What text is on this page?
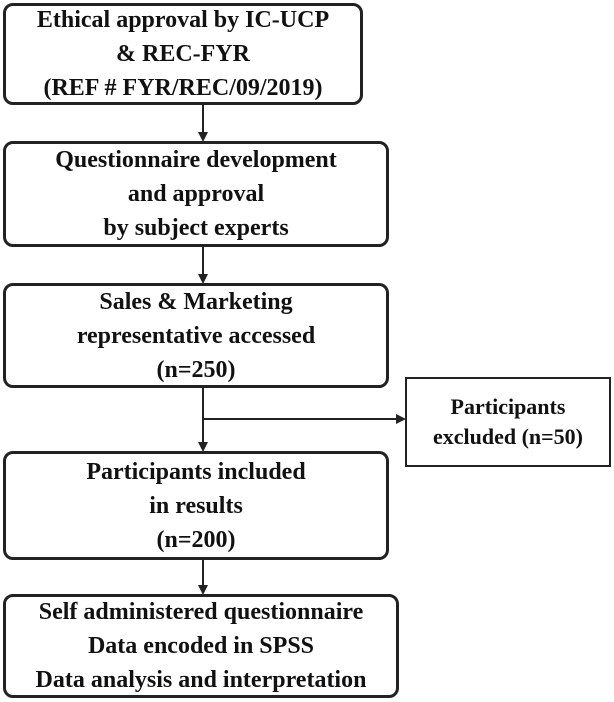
Ethical approval by IC-UCP
& REC-FYR
(REF # FYR/REC/09/2019)
Questionnaire development
and approval
by subject experts
Sales & Marketing
representative accessed
(n=250)
Participants
excluded (n=50)
Participants included
in results
(n=200)
Self administered questionnaire
Data encoded in SPSS
Data analysis and interpretation
